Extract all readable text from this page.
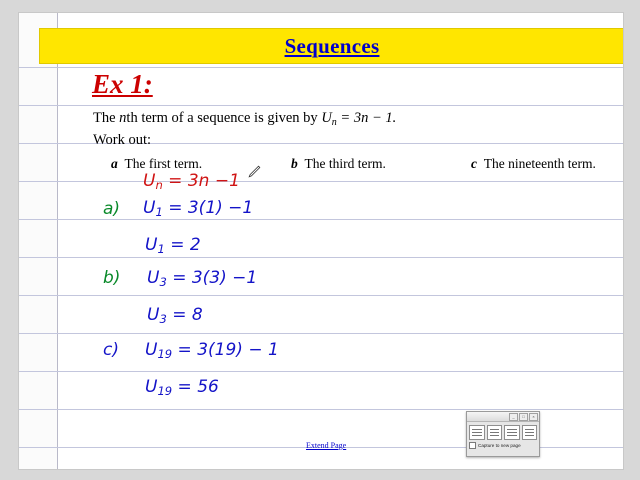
Sequences
Ex 1:
The nth term of a sequence is given by $U_n = 3n - 1$.
Work out:
a The first term.	b The third term.	c The nineteenth term.
$U_n = 3n -1$
a) $U_1 = 3(1) -1$
$U_1 = 2$
b) $U_3 = 3(3) -1$
$U_3 = 8$
c) $U_{19} = 3(19) - 1$
$U_{19} = 56$
Extend Page
_	□	×
Capture to new page
